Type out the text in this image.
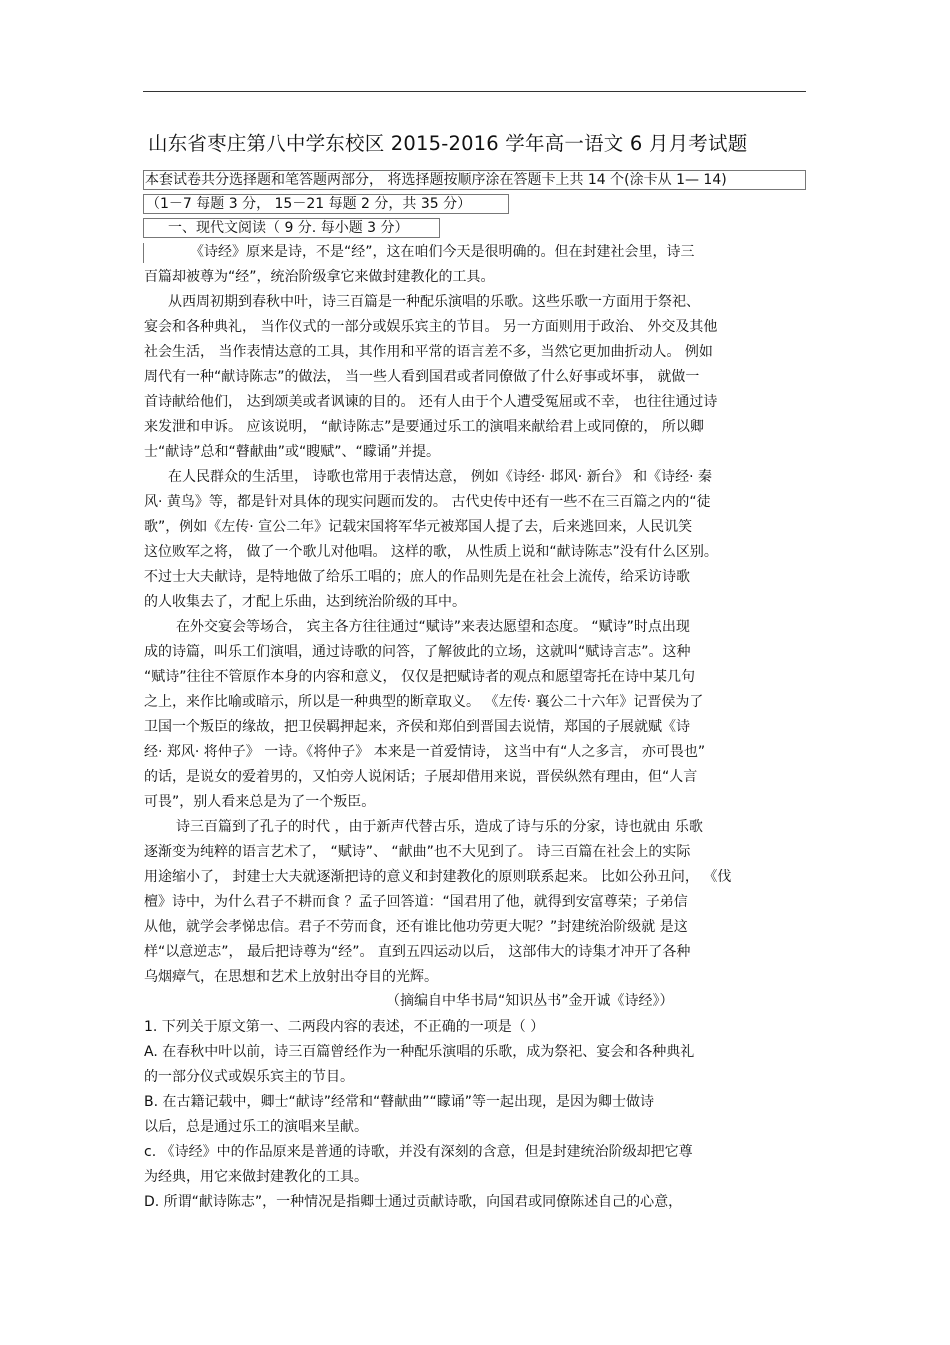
山东省枣庄第八中学东校区 2015-2016 学年高一语文 6 月月考试题
本套试卷共分选择题和笔答题两部分， 将选择题按顺序涂在答题卡上共 14 个(涂卡从 1— 14)
（1－7 每题 3 分， 15－21 每题 2 分，共 35 分）
一、现代文阅读（ 9 分. 每小题 3 分）
《诗经》原来是诗，不是“经”，这在咱们今天是很明确的。但在封建社会里，诗三
百篇却被尊为“经”，统治阶级拿它来做封建教化的工具。
从西周初期到春秋中叶，诗三百篇是一种配乐演唱的乐歌。这些乐歌一方面用于祭祀、
宴会和各种典礼， 当作仪式的一部分或娱乐宾主的节目。 另一方面则用于政治、 外交及其他
社会生活， 当作表情达意的工具，其作用和平常的语言差不多，当然它更加曲折动人。 例如
周代有一种“献诗陈志”的做法， 当一些人看到国君或者同僚做了什么好事或坏事， 就做一
首诗献给他们， 达到颂美或者讽谏的目的。 还有人由于个人遭受冤屈或不幸， 也往往通过诗
来发泄和申诉。 应该说明， “献诗陈志”是要通过乐工的演唱来献给君上或同僚的， 所以卿
士“献诗”总和“瞽献曲”或“瞍赋”、“矇诵”并提。
在人民群众的生活里， 诗歌也常用于表情达意， 例如《诗经· 邶风· 新台》 和《诗经· 秦
风· 黄鸟》等，都是针对具体的现实问题而发的。 古代史传中还有一些不在三百篇之内的“徒
歌”，例如《左传· 宣公二年》记载宋国将军华元被郑国人提了去，后来逃回来，人民讥笑
这位败军之将， 做了一个歌儿对他唱。 这样的歌， 从性质上说和“献诗陈志”没有什么区别。
不过士大夫献诗，是特地做了给乐工唱的；庶人的作品则先是在社会上流传，给采访诗歌
的人收集去了，才配上乐曲，达到统治阶级的耳中。
在外交宴会等场合， 宾主各方往往通过“赋诗”来表达愿望和态度。 “赋诗”时点出现
成的诗篇，叫乐工们演唱，通过诗歌的问答，了解彼此的立场，这就叫“赋诗言志”。这种
“赋诗”往往不管原作本身的内容和意义， 仅仅是把赋诗者的观点和愿望寄托在诗中某几句
之上，来作比喻或暗示，所以是一种典型的断章取义。 《左传· 襄公二十六年》记晋侯为了
卫国一个叛臣的缘故，把卫侯羁押起来，齐侯和郑伯到晋国去说情，郑国的子展就赋《诗
经· 郑风· 将仲子》 一诗。《将仲子》 本来是一首爱情诗， 这当中有“人之多言， 亦可畏也”
的话，是说女的爱着男的，又怕旁人说闲话；子展却借用来说，晋侯纵然有理由，但“人言
可畏”，别人看来总是为了一个叛臣。
诗三百篇到了孔子的时代 ，由于新声代替古乐，造成了诗与乐的分家，诗也就由 乐歌
逐渐变为纯粹的语言艺术了， “赋诗”、 “献曲”也不大见到了。 诗三百篇在社会上的实际
用途缩小了， 封建士大夫就逐渐把诗的意义和封建教化的原则联系起来。 比如公孙丑问， 《伐
檀》诗中，为什么君子不耕而食 ？孟子回答道：“国君用了他，就得到安富尊荣；子弟信
从他，就学会孝悌忠信。君子不劳而食，还有谁比他功劳更大呢？”封建统治阶级就 是这
样“以意逆志”， 最后把诗尊为“经”。 直到五四运动以后， 这部伟大的诗集才冲开了各种
乌烟瘴气，在思想和艺术上放射出夺目的光辉。
（摘编自中华书局“知识丛书”金开诚《诗经》）
1. 下列关于原文第一、二两段内容的表述，不正确的一项是（ ）
A. 在春秋中叶以前，诗三百篇曾经作为一种配乐演唱的乐歌，成为祭祀、宴会和各种典礼
的一部分仪式或娱乐宾主的节目。
B. 在古籍记载中，卿士“献诗”经常和“瞽献曲”“矇诵”等一起出现，是因为卿士做诗
以后，总是通过乐工的演唱来呈献。
c. 《诗经》中的作品原来是普通的诗歌，并没有深刻的含意，但是封建统治阶级却把它尊
为经典，用它来做封建教化的工具。
D. 所谓“献诗陈志”，一种情况是指卿士通过贡献诗歌，向国君或同僚陈述自己的心意，
